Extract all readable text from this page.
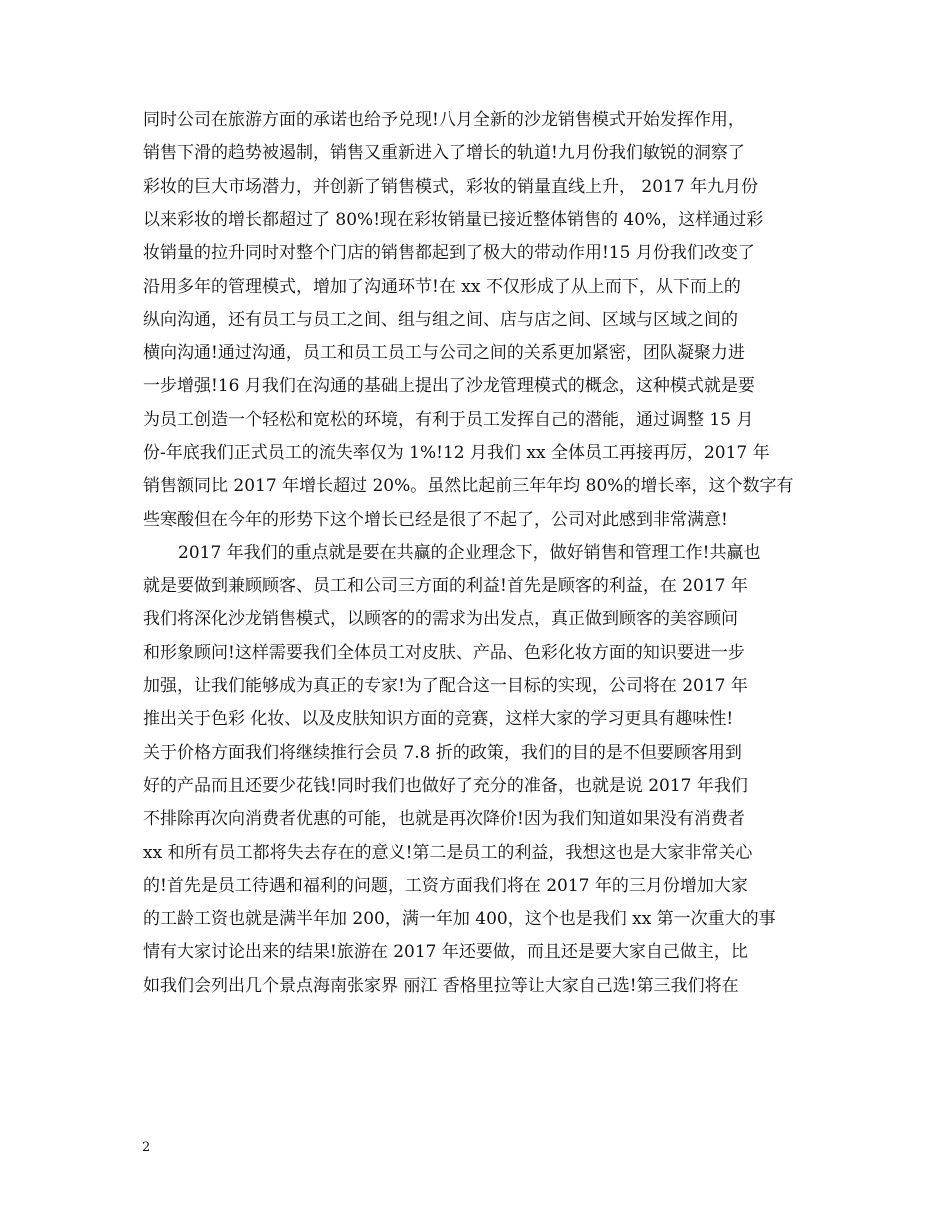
同时公司在旅游方面的承诺也给予兑现!八月全新的沙龙销售模式开始发挥作用，
销售下滑的趋势被遏制，销售又重新进入了增长的轨道!九月份我们敏锐的洞察了
彩妆的巨大市场潜力，并创新了销售模式，彩妆的销量直线上升， 2017 年九月份
以来彩妆的增长都超过了 80%!现在彩妆销量已接近整体销售的 40%，这样通过彩
妆销量的拉升同时对整个门店的销售都起到了极大的带动作用!15 月份我们改变了
沿用多年的管理模式，增加了沟通环节!在 xx 不仅形成了从上而下，从下而上的
纵向沟通，还有员工与员工之间、组与组之间、店与店之间、区域与区域之间的
横向沟通!通过沟通，员工和员工员工与公司之间的关系更加紧密，团队凝聚力进
一步增强!16 月我们在沟通的基础上提出了沙龙管理模式的概念，这种模式就是要
为员工创造一个轻松和宽松的环境，有利于员工发挥自己的潜能，通过调整 15 月
份-年底我们正式员工的流失率仅为 1%!12 月我们 xx 全体员工再接再厉，2017 年
销售额同比 2017 年增长超过 20%。虽然比起前三年年均 80%的增长率，这个数字有
些寒酸但在今年的形势下这个增长已经是很了不起了，公司对此感到非常满意!
2017 年我们的重点就是要在共赢的企业理念下，做好销售和管理工作!共赢也
就是要做到兼顾顾客、员工和公司三方面的利益!首先是顾客的利益，在 2017 年
我们将深化沙龙销售模式，以顾客的的需求为出发点，真正做到顾客的美容顾问
和形象顾问!这样需要我们全体员工对皮肤、产品、色彩化妆方面的知识要进一步
加强，让我们能够成为真正的专家!为了配合这一目标的实现，公司将在 2017 年
推出关于色彩 化妆、以及皮肤知识方面的竞赛，这样大家的学习更具有趣味性!
关于价格方面我们将继续推行会员 7.8 折的政策，我们的目的是不但要顾客用到
好的产品而且还要少花钱!同时我们也做好了充分的准备，也就是说 2017 年我们
不排除再次向消费者优惠的可能，也就是再次降价!因为我们知道如果没有消费者
xx 和所有员工都将失去存在的意义!第二是员工的利益，我想这也是大家非常关心
的!首先是员工待遇和福利的问题，工资方面我们将在 2017 年的三月份增加大家
的工龄工资也就是满半年加 200，满一年加 400，这个也是我们 xx 第一次重大的事
情有大家讨论出来的结果!旅游在 2017 年还要做，而且还是要大家自己做主，比
如我们会列出几个景点海南张家界 丽江 香格里拉等让大家自己选!第三我们将在
2
